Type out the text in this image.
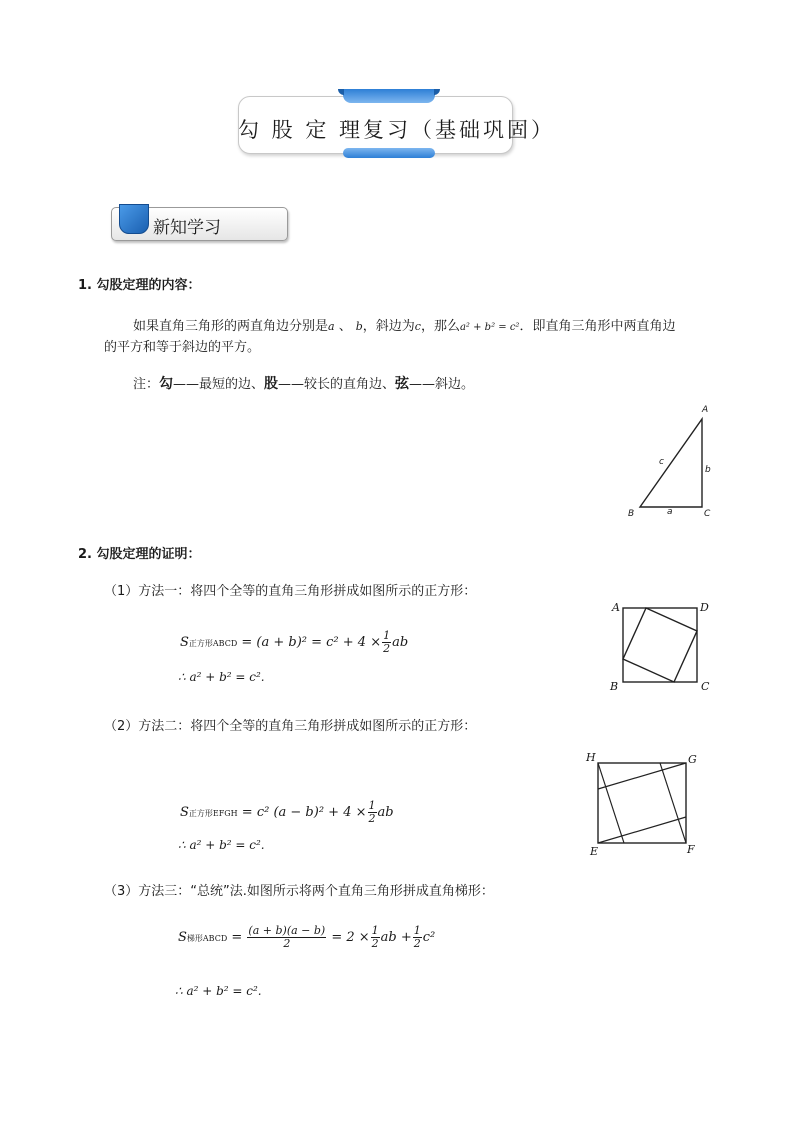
勾 股 定 理复习（基础巩固）
新知学习
1. 勾股定理的内容：
如果直角三角形的两直角边分别是a 、 b，斜边为c，那么a² + b² = c²．即直角三角形中两直角边
的平方和等于斜边的平方。
注：勾——最短的边、股——较长的直角边、弦——斜边。
A
B	C
a
b
c
2. 勾股定理的证明：
（1）方法一：将四个全等的直角三角形拼成如图所示的正方形：
S正方形ABCD = $(a + b)^2 = c^2 + 4 \times \frac{1}{2}$ ab
∴ a² + b² = c².
A	D
B	C
（2）方法二：将四个全等的直角三角形拼成如图所示的正方形：
S正方形EFGH = c² $(a - b)^2 + 4 \times \frac{1}{2}$ ab
∴ a² + b² = c².
H	G
E	F
（3）方法三：“总统”法.如图所示将两个直角三角形拼成直角梯形：
S梯形ABCD = $\frac{(a + b)(a - b)}{2} = 2 \times \frac{1}{2}$ ab + $\frac{1}{2} c^2$
∴ a² + b² = c².
